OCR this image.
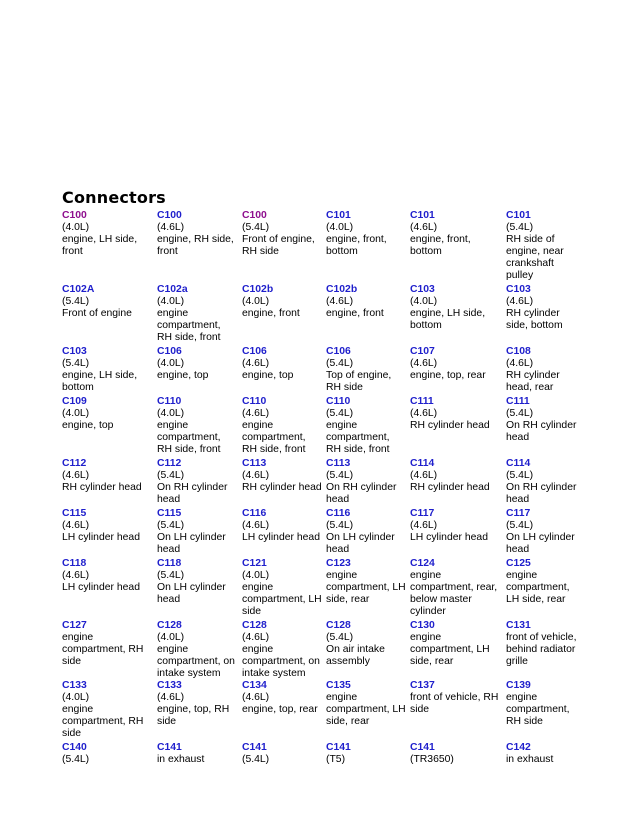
Connectors
C100
(4.0L)
engine, LH side,
front
C100
(4.6L)
engine, RH side,
front
C100
(5.4L)
Front of engine,
RH side
C101
(4.0L)
engine, front,
bottom
C101
(4.6L)
engine, front,
bottom
C101
(5.4L)
RH side of
engine, near
crankshaft
pulley
C102A
(5.4L)
Front of engine
C102a
(4.0L)
engine
compartment,
RH side, front
C102b
(4.0L)
engine, front
C102b
(4.6L)
engine, front
C103
(4.0L)
engine, LH side,
bottom
C103
(4.6L)
RH cylinder
side, bottom
C103
(5.4L)
engine, LH side,
bottom
C106
(4.0L)
engine, top
C106
(4.6L)
engine, top
C106
(5.4L)
Top of engine,
RH side
C107
(4.6L)
engine, top, rear
C108
(4.6L)
RH cylinder
head, rear
C109
(4.0L)
engine, top
C110
(4.0L)
engine
compartment,
RH side, front
C110
(4.6L)
engine
compartment,
RH side, front
C110
(5.4L)
engine
compartment,
RH side, front
C111
(4.6L)
RH cylinder head
C111
(5.4L)
On RH cylinder
head
C112
(4.6L)
RH cylinder head
C112
(5.4L)
On RH cylinder
head
C113
(4.6L)
RH cylinder head
C113
(5.4L)
On RH cylinder
head
C114
(4.6L)
RH cylinder head
C114
(5.4L)
On RH cylinder
head
C115
(4.6L)
LH cylinder head
C115
(5.4L)
On LH cylinder
head
C116
(4.6L)
LH cylinder head
C116
(5.4L)
On LH cylinder
head
C117
(4.6L)
LH cylinder head
C117
(5.4L)
On LH cylinder
head
C118
(4.6L)
LH cylinder head
C118
(5.4L)
On LH cylinder
head
C121
(4.0L)
engine
compartment, LH
side
C123
engine
compartment, LH
side, rear
C124
engine
compartment, rear,
below master
cylinder
C125
engine
compartment,
LH side, rear
C127
engine
compartment, RH
side
C128
(4.0L)
engine
compartment, on
intake system
C128
(4.6L)
engine
compartment, on
intake system
C128
(5.4L)
On air intake
assembly
C130
engine
compartment, LH
side, rear
C131
front of vehicle,
behind radiator
grille
C133
(4.0L)
engine
compartment, RH
side
C133
(4.6L)
engine, top, RH
side
C134
(4.6L)
engine, top, rear
C135
engine
compartment, LH
side, rear
C137
front of vehicle, RH
side
C139
engine
compartment,
RH side
C140
(5.4L)
C141
in exhaust
C141
(5.4L)
C141
(T5)
C141
(TR3650)
C142
in exhaust
